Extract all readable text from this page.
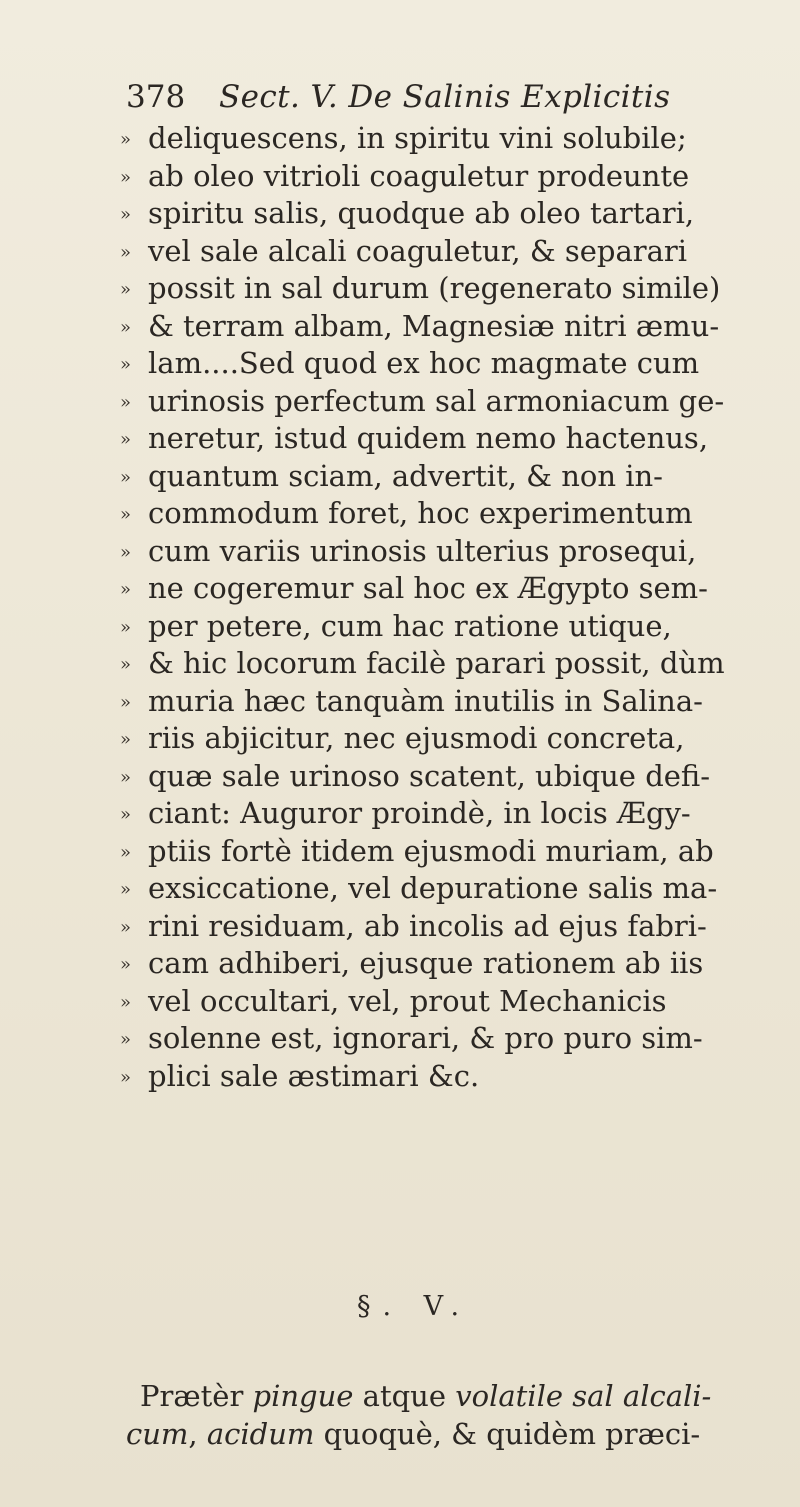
378 Sect. V. De Salinis Explicitis
» deliquescens, in spiritu vini solubile;
» ab oleo vitrioli coaguletur prodeunte
» spiritu salis, quodque ab oleo tartari,
» vel sale alcali coaguletur, & separari
» possit in sal durum (regenerato simile)
» & terram albam, Magnesiæ nitri æmu-
» lam....Sed quod ex hoc magmate cum
» urinosis perfectum sal armoniacum ge-
» neretur, istud quidem nemo hactenus,
» quantum sciam, advertit, & non in-
» commodum foret, hoc experimentum
» cum variis urinosis ulterius prosequi,
» ne cogeremur sal hoc ex Ægypto sem-
» per petere, cum hac ratione utique,
» & hic locorum facilè parari possit, dùm
» muria hæc tanquàm inutilis in Salina-
» riis abjicitur, nec ejusmodi concreta,
» quæ sale urinoso scatent, ubique defi-
» ciant: Auguror proindè, in locis Ægy-
» ptiis fortè itidem ejusmodi muriam, ab
» exsiccatione, vel depuratione salis ma-
» rini residuam, ab incolis ad ejus fabri-
» cam adhiberi, ejusque rationem ab iis
» vel occultari, vel, prout Mechanicis
» solenne est, ignorari, & pro puro sim-
» plici sale æstimari &c.
§. V.
Prætèr pingue atque volatile sal alcali-
cum, acidum quoquè, & quidèm præci-
